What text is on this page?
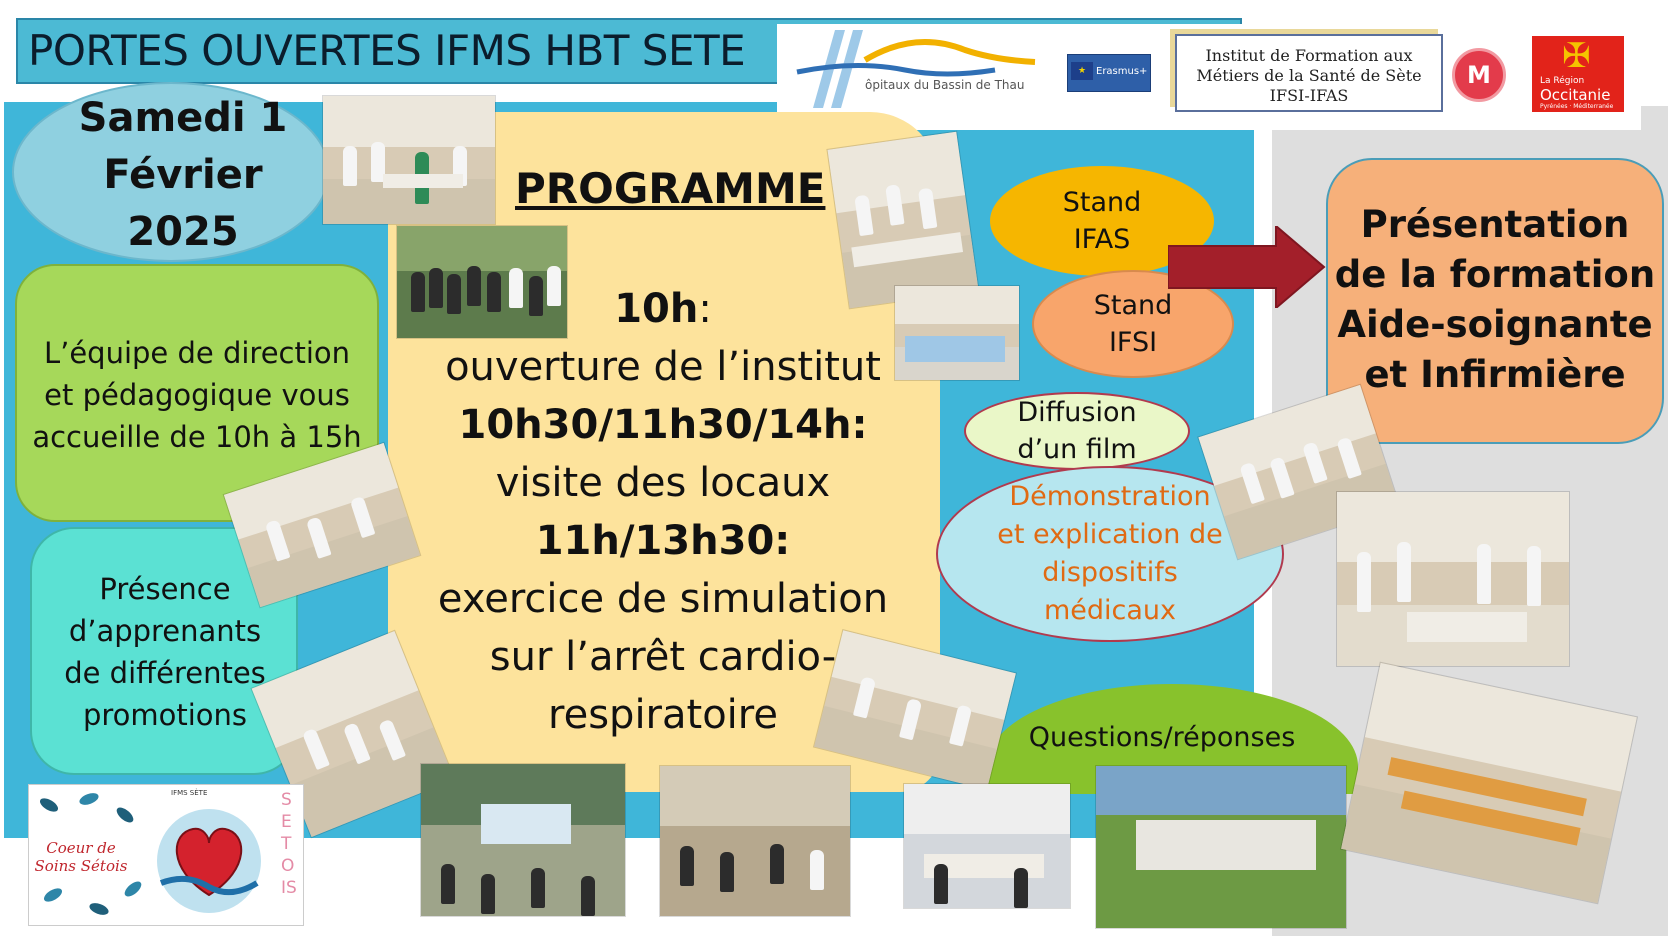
PORTES OUVERTES IFMS HBT SETE
ôpitaux du Bassin de Thau
★ Erasmus+
Institut de Formation aux
Métiers de la Santé de Sète
IFSI-IFAS
M	✠
La Région
Occitanie
Pyrénées · Méditerranée
Samedi 1
Février
2025
L’équipe de direction
et pédagogique vous
accueille de 10h à 15h
Présence
d’apprenants
de différentes
promotions
PROGRAMME
10h:
ouverture de l’institut
10h30/11h30/14h:
visite des locaux
11h/13h30:
exercice de simulation
sur l’arrêt cardio-
respiratoire
Stand
IFAS
Stand
IFSI
Diffusion
d’un film
Démonstration
et explication de
dispositifs
médicaux
Questions/réponses
Présentation
de la formation
Aide-soignante
et Infirmière
Coeur de Soins Sétois
IFMS SÈTE	SETOIS
